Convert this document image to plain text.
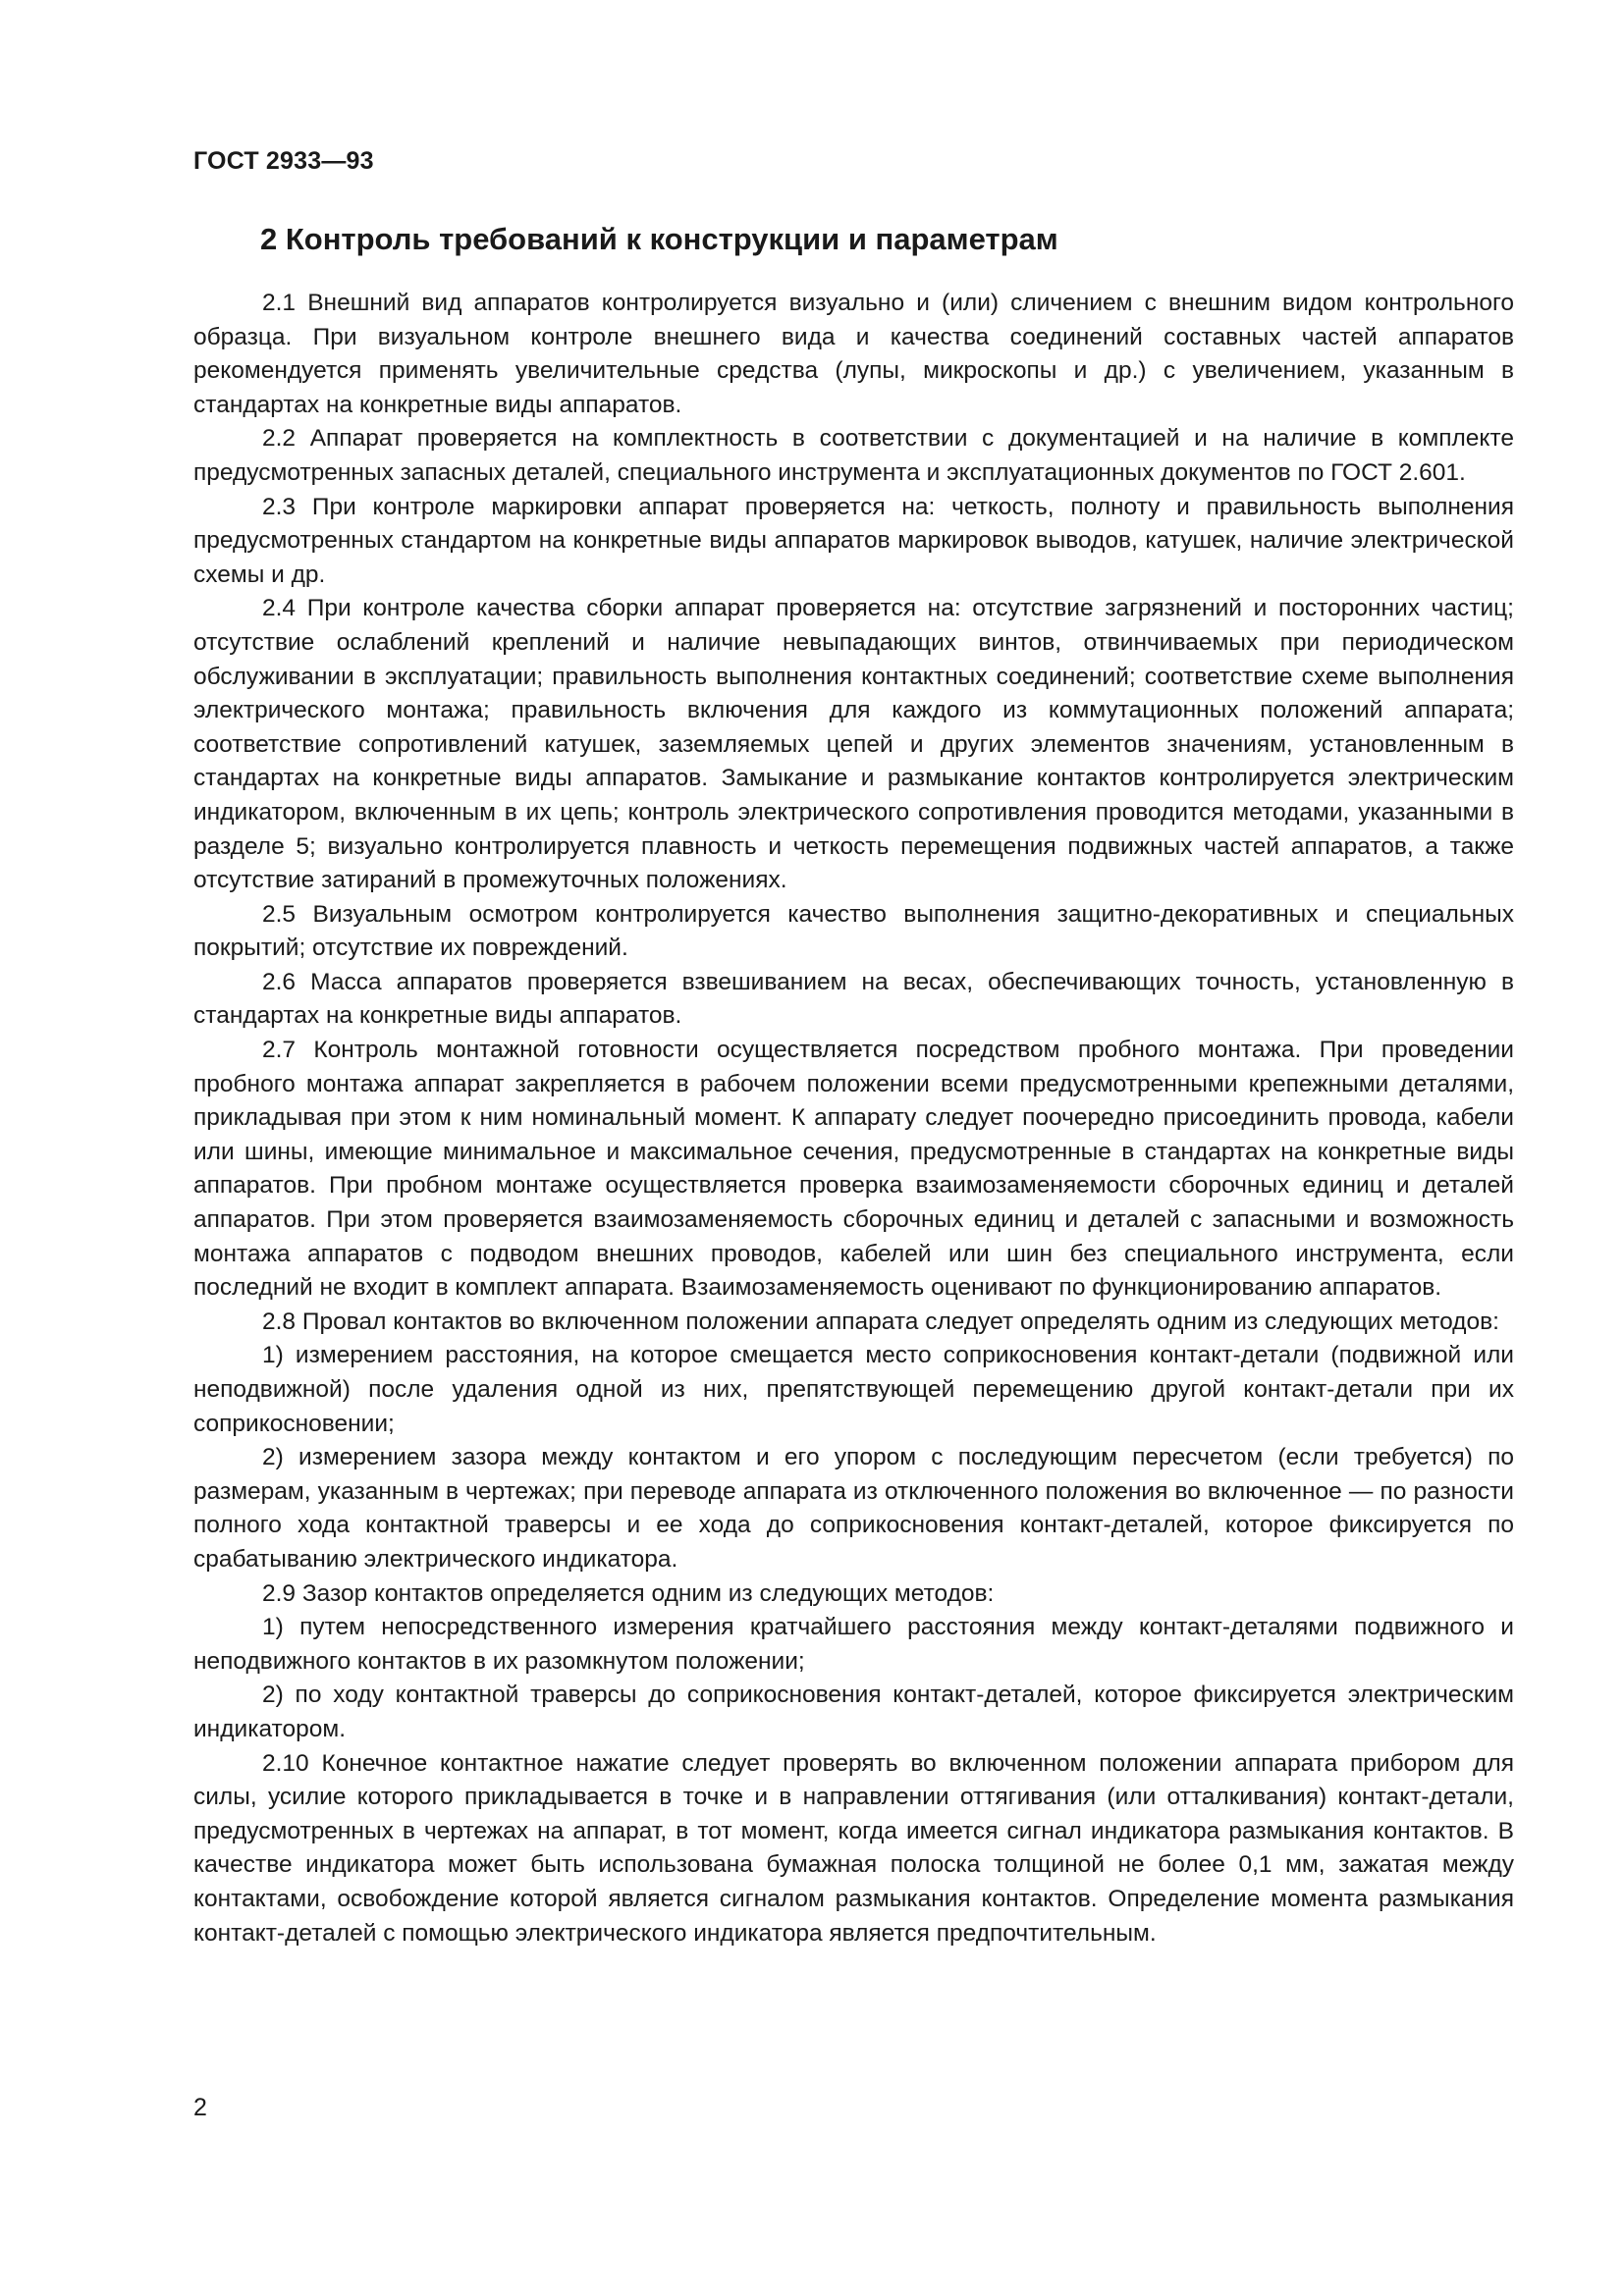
ГОСТ 2933—93
2 Контроль требований к конструкции и параметрам

2.1 Внешний вид аппаратов контролируется визуально и (или) сличением с внешним видом контрольного образца. При визуальном контроле внешнего вида и качества соединений составных частей аппаратов рекомендуется применять увеличительные средства (лупы, микроскопы и др.) с увеличением, указанным в стандартах на конкретные виды аппаратов.

2.2 Аппарат проверяется на комплектность в соответствии с документацией и на наличие в комплекте предусмотренных запасных деталей, специального инструмента и эксплуатационных документов по ГОСТ 2.601.

2.3 При контроле маркировки аппарат проверяется на: четкость, полноту и правильность выполнения предусмотренных стандартом на конкретные виды аппаратов маркировок выводов, катушек, наличие электрической схемы и др.

2.4 При контроле качества сборки аппарат проверяется на: отсутствие загрязнений и посторонних частиц; отсутствие ослаблений креплений и наличие невыпадающих винтов, отвинчиваемых при периодическом обслуживании в эксплуатации; правильность выполнения контактных соединений; соответствие схеме выполнения электрического монтажа; правильность включения для каждого из коммутационных положений аппарата; соответствие сопротивлений катушек, заземляемых цепей и других элементов значениям, установленным в стандартах на конкретные виды аппаратов. Замыкание и размыкание контактов контролируется электрическим индикатором, включенным в их цепь; контроль электрического сопротивления проводится методами, указанными в разделе 5; визуально контролируется плавность и четкость перемещения подвижных частей аппаратов, а также отсутствие затираний в промежуточных положениях.

2.5 Визуальным осмотром контролируется качество выполнения защитно-декоративных и специальных покрытий; отсутствие их повреждений.

2.6 Масса аппаратов проверяется взвешиванием на весах, обеспечивающих точность, установленную в стандартах на конкретные виды аппаратов.

2.7 Контроль монтажной готовности осуществляется посредством пробного монтажа. При проведении пробного монтажа аппарат закрепляется в рабочем положении всеми предусмотренными крепежными деталями, прикладывая при этом к ним номинальный момент. К аппарату следует поочередно присоединить провода, кабели или шины, имеющие минимальное и максимальное сечения, предусмотренные в стандартах на конкретные виды аппаратов. При пробном монтаже осуществляется проверка взаимозаменяемости сборочных единиц и деталей аппаратов. При этом проверяется взаимозаменяемость сборочных единиц и деталей с запасными и возможность монтажа аппаратов с подводом внешних проводов, кабелей или шин без специального инструмента, если последний не входит в комплект аппарата. Взаимозаменяемость оценивают по функционированию аппаратов.

2.8 Провал контактов во включенном положении аппарата следует определять одним из следующих методов:

1) измерением расстояния, на которое смещается место соприкосновения контакт-детали (подвижной или неподвижной) после удаления одной из них, препятствующей перемещению другой контакт-детали при их соприкосновении;

2) измерением зазора между контактом и его упором с последующим пересчетом (если требуется) по размерам, указанным в чертежах; при переводе аппарата из отключенного положения во включенное — по разности полного хода контактной траверсы и ее хода до соприкосновения контакт-деталей, которое фиксируется по срабатыванию электрического индикатора.

2.9 Зазор контактов определяется одним из следующих методов:

1) путем непосредственного измерения кратчайшего расстояния между контакт-деталями подвижного и неподвижного контактов в их разомкнутом положении;

2) по ходу контактной траверсы до соприкосновения контакт-деталей, которое фиксируется электрическим индикатором.

2.10 Конечное контактное нажатие следует проверять во включенном положении аппарата прибором для силы, усилие которого прикладывается в точке и в направлении оттягивания (или отталкивания) контакт-детали, предусмотренных в чертежах на аппарат, в тот момент, когда имеется сигнал индикатора размыкания контактов. В качестве индикатора может быть использована бумажная полоска толщиной не более 0,1 мм, зажатая между контактами, освобождение которой является сигналом размыкания контактов. Определение момента размыкания контакт-деталей с помощью электрического индикатора является предпочтительным.

2
